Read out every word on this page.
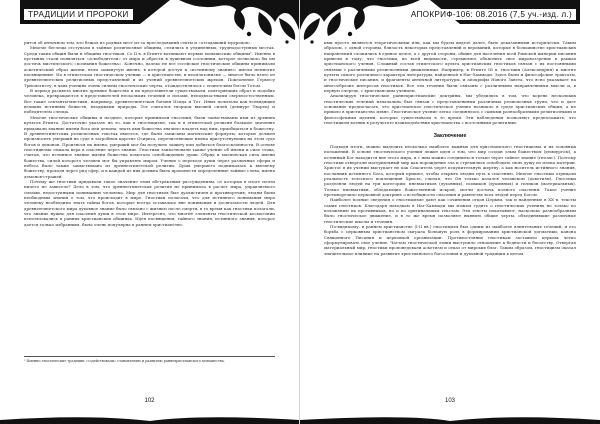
ТРАДИЦИИ И ПРОРОКИ

рится об античном тем, кто бежал из родных мест из-за преследований секты и «отгадавший мудрецов».

Многие беглецы отступали в тайные религиозные общины, селились в уединенных, труднодоступных местах. Среди таких общин были и общины гностиков. Со II в. в Египте возникают первые монашеские общины¹. Именно в пустынях стали появляться «освободители» от мира и обрести в душевном состоянии, которое позволило бы им достичь мистического «познания божества». Конечно, далеко не все ессейские гностические общины принимали аскетический образ жизни, вели замкнутую жизнь, в которой доступ к «истинному знанию» имели немногие посвященные. Но в египетском гностическом учении — и христианстве, и неоплатонизме — многое было взято из древнеегипетских религиозных представлений и из учений древнеегипетских жрецов. Поклонение Гермесу Трисмегисту, в чьих учениях очень сильны гностические черты, отождествлялось с египетским богом Тотом.

В период расцвета многие древние божества и их представители существовали, повторяющих образ и подобие человека, превращаются в представителей нескольких течений и силами, неподвластными сверхъестественным. Все такие сектанты-мистики, например, древнеегипетская богиня Исида и Тот. Иных почитали как всевидящих великих истинных божеств, владыками природы. Тот считался творцом высшей силой (демиург Творец) и победителем слепца.

Многие гностические общины и позднее, которые принимали гностики, были заимствованы ими из древних культов Египта. Достаточно указать на то, как в гностицизме, так и в египетской религии большое значение придавали знанию имени бога или демона: знать имя божества значило владеть над ним, приобщаться к божеству. В древнеегипетских религиозных текстах имеется, где были записаны магические формулы, которые должен произносить умерший на суде в загробном царстве Осириса, перечисляющие имена присутствующих на этом суде богов и демонов. Произнося их имена, умерший мог бы получить защиту или добиться благосклонности. В основе гностицизма лежала вера в спасение через знание. Гностики заимствовали также учение об имени и силе слова, считая, что истинное знание имени божества помогало освобождению души. Обряд и магическая сила имени божества, силой которого человек мог бы управлять миром. Учение о переходе души через различные сферы и небеса было также заимствовано из древнеегипетской религии. Душа умершего поднималась к высшему божеству, проходя через ряд сфер, и в каждой из них должна была произнести определенные тайные слова, имена демонов-стражей.

Почему же гностики придавали такое значение этим абстрактным рассуждениям, от которых в итоге почти ничего не зависело? Дело в том, что древнеегипетская религия не принимала в расчет мира, управляемого силами, недоступными пониманию человека. Мир для гностиков был дуалистичен и противоречив; людям были необходимы знания о том, что происходит в мире. Гностики полагали, что для истинного понимания мира человеку необходимо знать тайны богов, которые всегда оставались вне понимания и досягаемости людей. Для древнеегипетского мира духовное знание было связано с жизнью после смерти, в то время как гностики полагали, что знание нужно для спасения души в этом мире. Интересно, что многие элементы гностической космогонии использовались в ранних христианских общинах. Идея посвящения, тайного знания, истинного знания, которое дается только избранным, была очень популярна в раннем христианстве.

¹ Именно гностические традиции «содействовали» становлению и развитию раннехристианского монашества.
102
АПОКРИФ-106: 08.2016 (7,5 уч.-изд. л.)

ими просто являются теоретическими или, как мы будем видеть далее, быть доказанными исторически. Таким образом, с одной стороны, близость некоторых представлений и верований, которые в большинстве христианских направлений сложились в единое целое, а с другой стороны, общие для населения всей Римской империи писания привели к тому, что гностики, по всей видимости, стремились объяснить свое мировоззрение в рамках христианского учения. Сложный состав египетского культа христианских гностиков связан с их постоянными связями с различными религиозными движениями. Например, в Египте III в. гностики (Александрия) и многие культы самого различного характера литературы, найденной в Наг-Хаммади. Здесь были и философские трактаты, и гностические писания, и фрагменты античной литературы, и апокрифы Нового Завета, что ясно указывает на многообразие интересов гностиков. Все эти течения были связаны с различными направлениями мысли и, в первую очередь, с христианским учением.

Анализируя гностические раннехристианские доктрины, мы убедились в том, что корень нескольких гностических течений изначально был связан с представлениями различных религиозных групп, что и дает основание предполагать, что христианское гностическое учение возникло в среде христианских общин, а не пришло в христианство извне. Гностическое учение легко соединялось с самыми разнообразными религиозными и философскими идеями, которые существовали в то время. Эти наблюдения позволяют предположить, что гностицизм возник в результате взаимодействия христианства с восточными религиями.

Заключение

Подводя итоги, можно выделить несколько наиболее важных для христианского гностицизма и их основных положений. В основе гностического учения лежит идея о том, что мир создан злым божеством (демиургом), а истинный Бог находится вне этого мира, и с ним можно соединиться только через тайное знание (гнозис). Поэтому гностики отвергали материальный мир как порождение зла и стремились освободить свою душу из плена материи. Христос в их учении выступает не как Спаситель через искупительную жертву, а как носитель истинного знания, посланник истинного Бога, который пришел, чтобы открыть людям путь к спасению. Многие гностики отрицали реальность телесного воплощения Христа, считая, что Он только казался человеком (докетизм). Гностики разделяли людей на три категории: пневматиков (духовных), психиков (душевных) и гиликов (материальных). Только пневматики, обладающие божественной искрой, могли достичь полного спасения. Такое учение противоречило церковной доктрине о всеобщности спасения и равенстве всех людей перед Богом.

Наиболее полные сведения о гностицизме дают как сочинения отцов Церкви, так и найденные в XX в. тексты самих гностиков. Благодаря находкам в Наг-Хаммади мы можем судить о гностических учениях не только по изложению их противников, но и по оригинальным текстам. Эти тексты показывают, насколько разнообразным было гностическое движение, и в то же время позволяют выявить общие черты, объединявшие различные гностические школы и течения.

По-видимому, в раннем христианстве (I-II вв.) гностицизм был одним из наиболее влиятельных течений, и его борьба с церковным христианством сыграла большую роль в формировании христианской догматики, канона Священного Писания и церковной организации. Противостояние гностикам заставило церковь четко сформулировать свое учение. Частью гностической этики выступило отношение к бедности и богатству. Отвергая материальный мир, гностики проповедовали аскетизм и отказ от мирских благ. Таким образом, гностицизм оказал значительное влияние на развитие христианского богословия и духовной традиции в целом.

103
